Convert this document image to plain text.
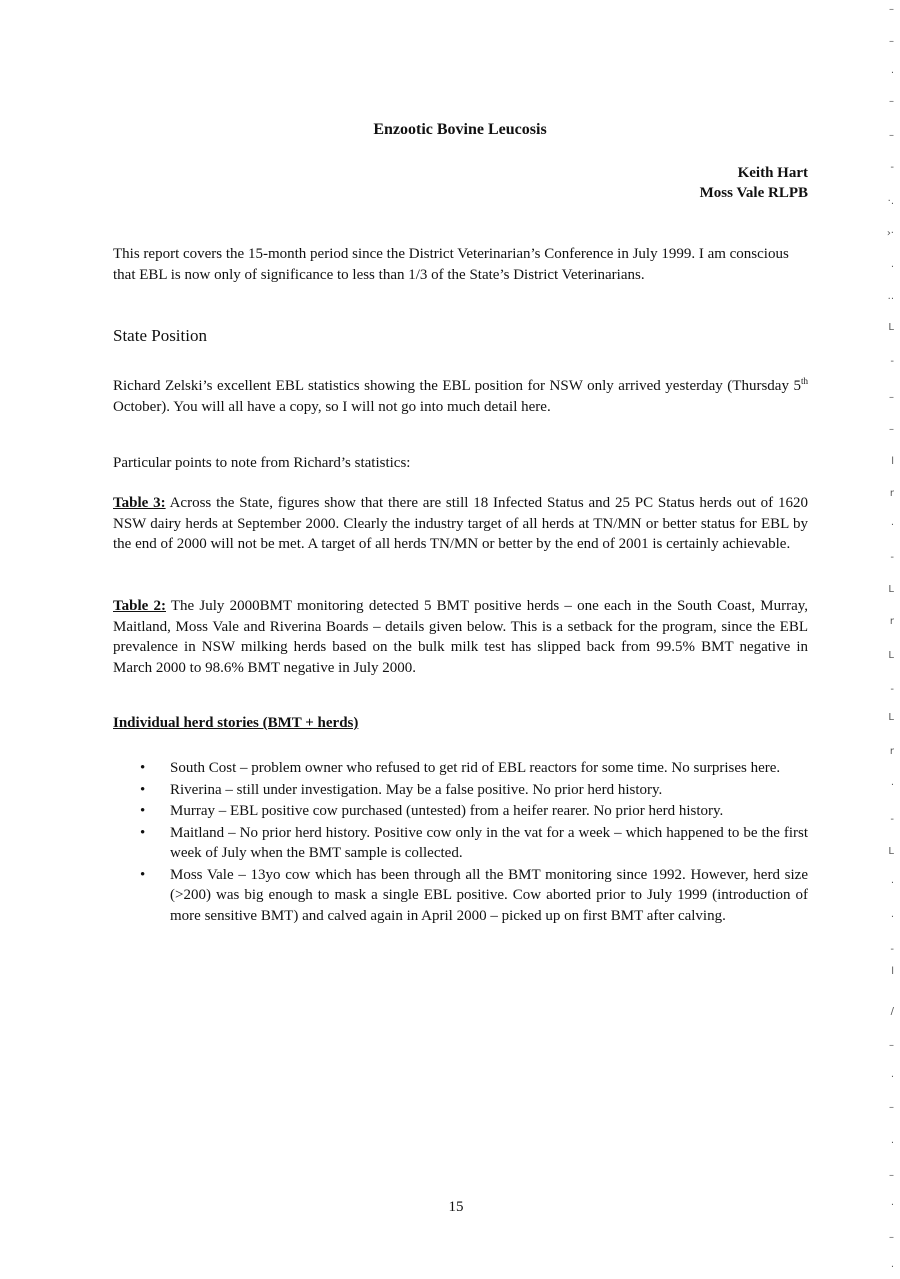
Enzootic Bovine Leucosis
Keith Hart
Moss Vale RLPB

This report covers the 15-month period since the District Veterinarian’s Conference in July 1999. I am conscious that EBL is now only of significance to less than 1/3 of the State’s District Veterinarians.

State Position

Richard Zelski’s excellent EBL statistics showing the EBL position for NSW only arrived yesterday (Thursday 5th October). You will all have a copy, so I will not go into much detail here.

Particular points to note from Richard’s statistics:

Table 3: Across the State, figures show that there are still 18 Infected Status and 25 PC Status herds out of 1620 NSW dairy herds at September 2000. Clearly the industry target of all herds at TN/MN or better status for EBL by the end of 2000 will not be met. A target of all herds TN/MN or better by the end of 2001 is certainly achievable.

Table 2: The July 2000BMT monitoring detected 5 BMT positive herds – one each in the South Coast, Murray, Maitland, Moss Vale and Riverina Boards – details given below. This is a setback for the program, since the EBL prevalence in NSW milking herds based on the bulk milk test has slipped back from 99.5% BMT negative in March 2000 to 98.6% BMT negative in July 2000.

Individual herd stories (BMT + herds)
• South Cost – problem owner who refused to get rid of EBL reactors for some time. No surprises here.
• Riverina – still under investigation. May be a false positive. No prior herd history.
• Murray – EBL positive cow purchased (untested) from a heifer rearer. No prior herd history.
• Maitland – No prior herd history. Positive cow only in the vat for a week – which happened to be the first week of July when the BMT sample is collected.
• Moss Vale – 13yo cow which has been through all the BMT monitoring since 1992. However, herd size (>200) was big enough to mask a single EBL positive. Cow aborted prior to July 1999 (introduction of more sensitive BMT) and calved again in April 2000 – picked up on first BMT after calving.
15
–
–
·
–
–
-
·.
›·
·
··
L
-
–
–
l
r
·
-
L
r
L
-
L
r
·
-
L
·
·
-
l
/
–
·
–
·
–
·
–
·
